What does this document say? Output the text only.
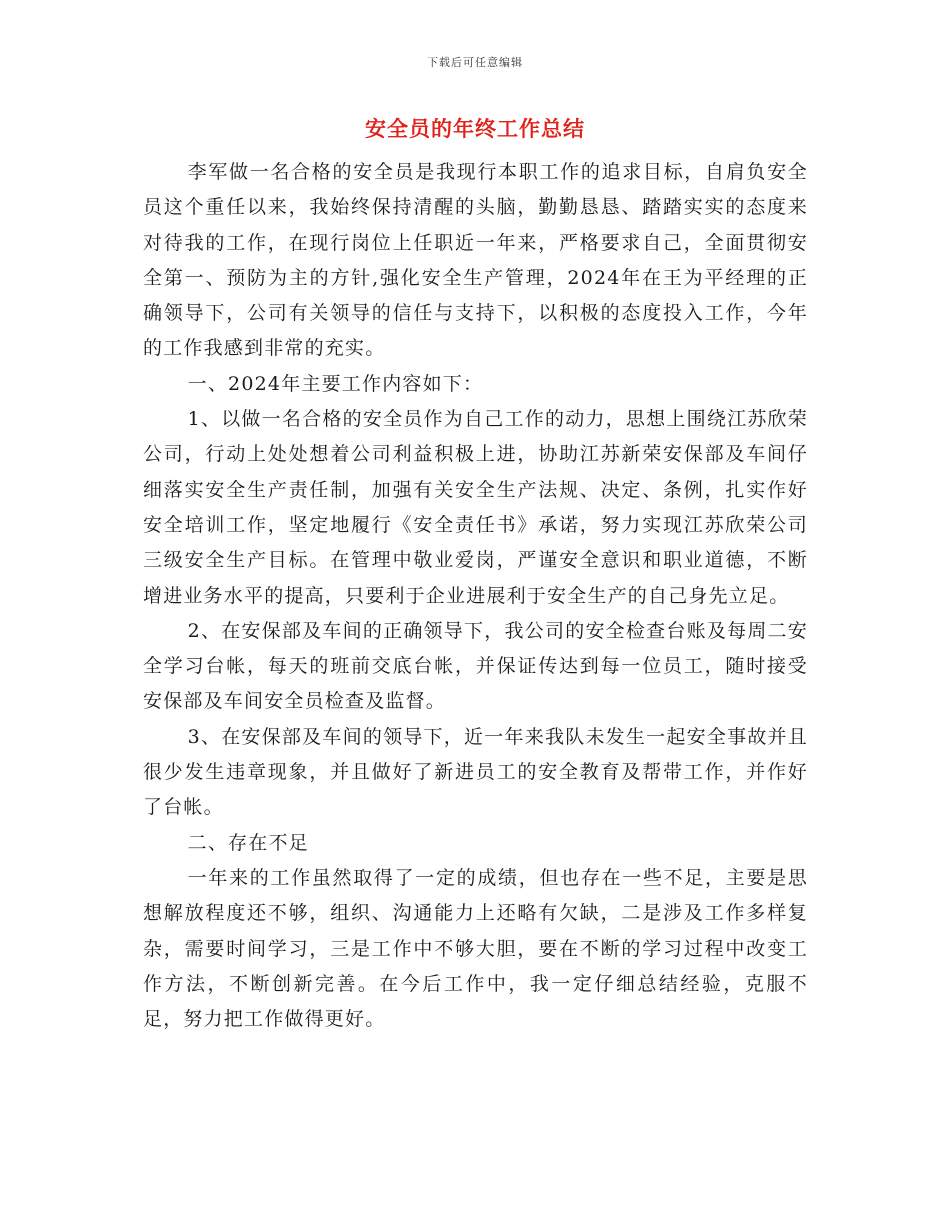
下载后可任意编辑
安全员的年终工作总结

李军做一名合格的安全员是我现行本职工作的追求目标，自肩负安全员这个重任以来，我始终保持清醒的头脑，勤勤恳恳、踏踏实实的态度来对待我的工作，在现行岗位上任职近一年来，严格要求自己，全面贯彻安全第一、预防为主的方针,强化安全生产管理，2024年在王为平经理的正确领导下，公司有关领导的信任与支持下，以积极的态度投入工作，今年的工作我感到非常的充实。

一、2024年主要工作内容如下：

1、以做一名合格的安全员作为自己工作的动力，思想上围绕江苏欣荣公司，行动上处处想着公司利益积极上进，协助江苏新荣安保部及车间仔细落实安全生产责任制，加强有关安全生产法规、决定、条例，扎实作好安全培训工作，坚定地履行《安全责任书》承诺，努力实现江苏欣荣公司三级安全生产目标。在管理中敬业爱岗，严谨安全意识和职业道德，不断增进业务水平的提高，只要利于企业进展利于安全生产的自己身先立足。

2、在安保部及车间的正确领导下，我公司的安全检查台账及每周二安全学习台帐，每天的班前交底台帐，并保证传达到每一位员工，随时接受安保部及车间安全员检查及监督。

3、在安保部及车间的领导下，近一年来我队未发生一起安全事故并且很少发生违章现象，并且做好了新进员工的安全教育及帮带工作，并作好了台帐。

二、存在不足

一年来的工作虽然取得了一定的成绩，但也存在一些不足，主要是思想解放程度还不够，组织、沟通能力上还略有欠缺，二是涉及工作多样复杂，需要时间学习，三是工作中不够大胆，要在不断的学习过程中改变工作方法，不断创新完善。在今后工作中，我一定仔细总结经验，克服不足，努力把工作做得更好。
